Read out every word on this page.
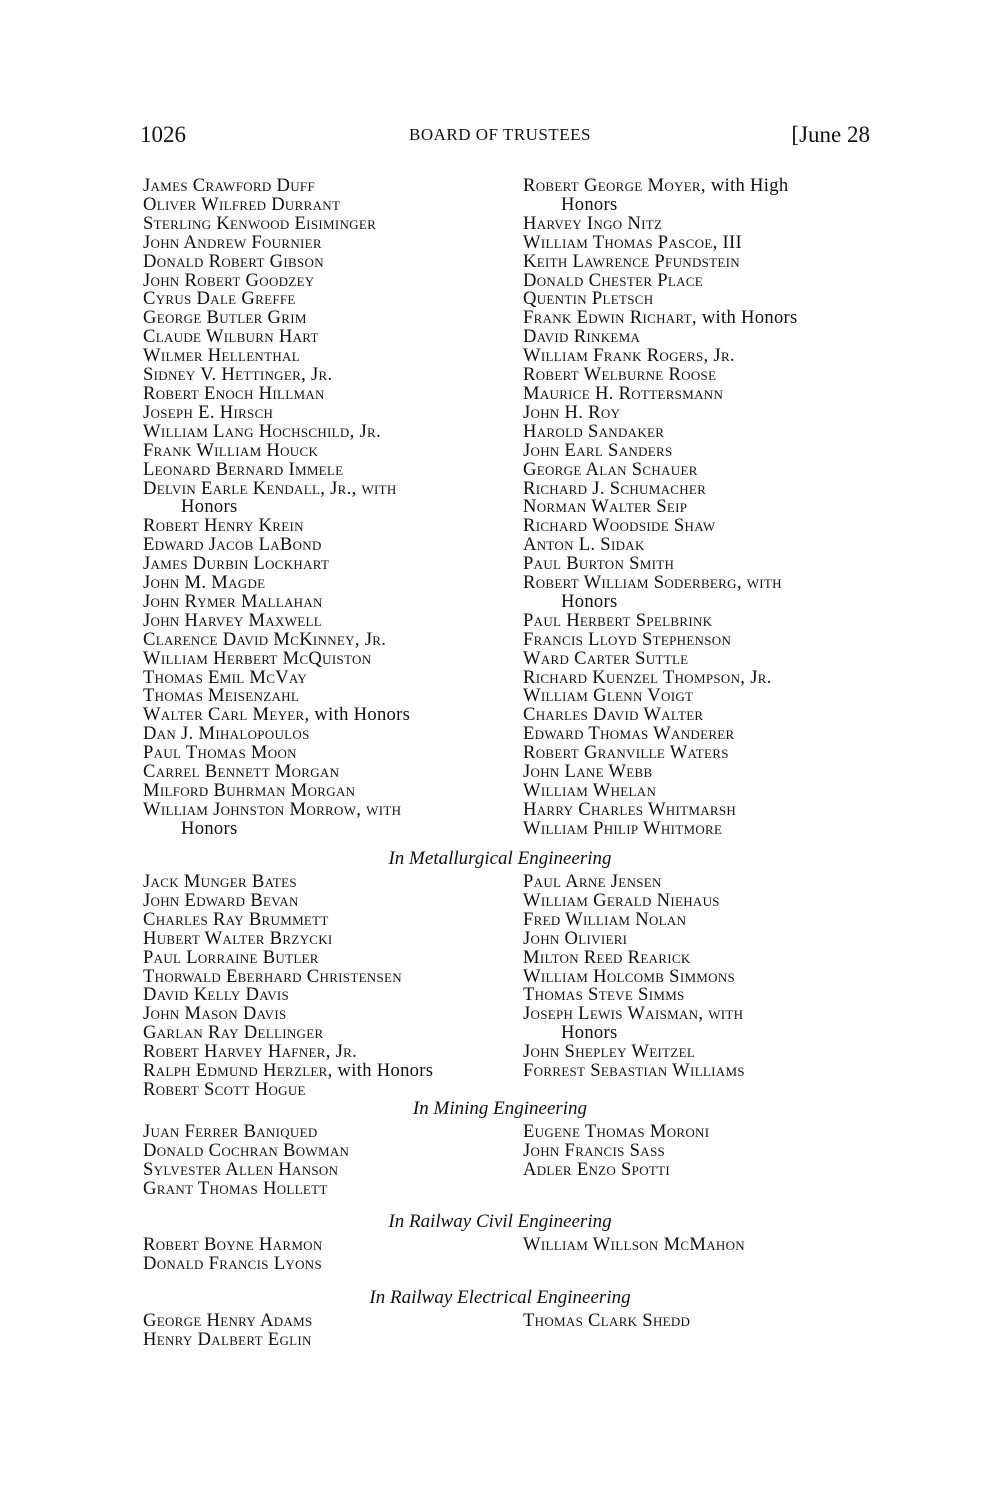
1026	BOARD OF TRUSTEES	[June 28
James Crawford Duff
Oliver Wilfred Durrant
Sterling Kenwood Eisiminger
John Andrew Fournier
Donald Robert Gibson
John Robert Goodzey
Cyrus Dale Greffe
George Butler Grim
Claude Wilburn Hart
Wilmer Hellenthal
Sidney V. Hettinger, Jr.
Robert Enoch Hillman
Joseph E. Hirsch
William Lang Hochschild, Jr.
Frank William Houck
Leonard Bernard Immele
Delvin Earle Kendall, Jr., with
Honors
Robert Henry Krein
Edward Jacob LaBond
James Durbin Lockhart
John M. Magde
John Rymer Mallahan
John Harvey Maxwell
Clarence David McKinney, Jr.
William Herbert McQuiston
Thomas Emil McVay
Thomas Meisenzahl
Walter Carl Meyer, with Honors
Dan J. Mihalopoulos
Paul Thomas Moon
Carrel Bennett Morgan
Milford Buhrman Morgan
William Johnston Morrow, with
Honors
Robert George Moyer, with High
Honors
Harvey Ingo Nitz
William Thomas Pascoe, III
Keith Lawrence Pfundstein
Donald Chester Place
Quentin Pletsch
Frank Edwin Richart, with Honors
David Rinkema
William Frank Rogers, Jr.
Robert Welburne Roose
Maurice H. Rottersmann
John H. Roy
Harold Sandaker
John Earl Sanders
George Alan Schauer
Richard J. Schumacher
Norman Walter Seip
Richard Woodside Shaw
Anton L. Sidak
Paul Burton Smith
Robert William Soderberg, with
Honors
Paul Herbert Spelbrink
Francis Lloyd Stephenson
Ward Carter Suttle
Richard Kuenzel Thompson, Jr.
William Glenn Voigt
Charles David Walter
Edward Thomas Wanderer
Robert Granville Waters
John Lane Webb
William Whelan
Harry Charles Whitmarsh
William Philip Whitmore
In Metallurgical Engineering
Jack Munger Bates
John Edward Bevan
Charles Ray Brummett
Hubert Walter Brzycki
Paul Lorraine Butler
Thorwald Eberhard Christensen
David Kelly Davis
John Mason Davis
Garlan Ray Dellinger
Robert Harvey Hafner, Jr.
Ralph Edmund Herzler, with Honors
Robert Scott Hogue
Paul Arne Jensen
William Gerald Niehaus
Fred William Nolan
John Olivieri
Milton Reed Rearick
William Holcomb Simmons
Thomas Steve Simms
Joseph Lewis Waisman, with
Honors
John Shepley Weitzel
Forrest Sebastian Williams
In Mining Engineering
Juan Ferrer Baniqued
Donald Cochran Bowman
Sylvester Allen Hanson
Grant Thomas Hollett
Eugene Thomas Moroni
John Francis Sass
Adler Enzo Spotti
In Railway Civil Engineering
Robert Boyne Harmon
Donald Francis Lyons
William Willson McMahon
In Railway Electrical Engineering
George Henry Adams
Henry Dalbert Eglin
Thomas Clark Shedd
